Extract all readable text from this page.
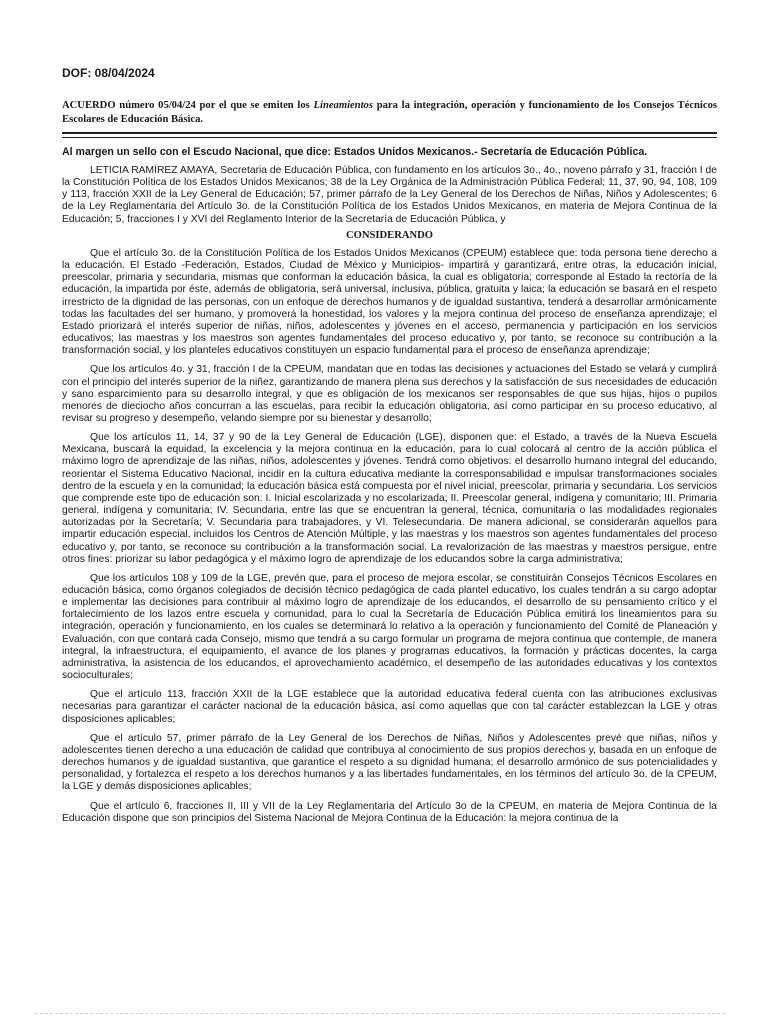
DOF: 08/04/2024
ACUERDO número 05/04/24 por el que se emiten los Lineamientos para la integración, operación y funcionamiento de los Consejos Técnicos Escolares de Educación Básica.
Al margen un sello con el Escudo Nacional, que dice: Estados Unidos Mexicanos.- Secretaría de Educación Pública.

LETICIA RAMÍREZ AMAYA, Secretaria de Educación Pública, con fundamento en los artículos 3o., 4o., noveno párrafo y 31, fracción I de la Constitución Política de los Estados Unidos Mexicanos; 38 de la Ley Orgánica de la Administración Pública Federal; 11, 37, 90, 94, 108, 109 y 113, fracción XXII de la Ley General de Educación; 57, primer párrafo de la Ley General de los Derechos de Niñas, Niños y Adolescentes; 6 de la Ley Reglamentaria del Artículo 3o. de la Constitución Política de los Estados Unidos Mexicanos, en materia de Mejora Continua de la Educación; 5, fracciones I y XVI del Reglamento Interior de la Secretaría de Educación Pública, y

CONSIDERANDO

Que el artículo 3o. de la Constitución Política de los Estados Unidos Mexicanos (CPEUM) establece que: toda persona tiene derecho a la educación. El Estado -Federación, Estados, Ciudad de México y Municipios- impartirá y garantizará, entre otras, la educación inicial, preescolar, primaria y secundaria, mismas que conforman la educación básica, la cual es obligatoria; corresponde al Estado la rectoría de la educación, la impartida por éste, además de obligatoria, será universal, inclusiva, pública, gratuita y laica; la educación se basará en el respeto irrestricto de la dignidad de las personas, con un enfoque de derechos humanos y de igualdad sustantiva, tenderá a desarrollar armónicamente todas las facultades del ser humano, y promoverá la honestidad, los valores y la mejora continua del proceso de enseñanza aprendizaje; el Estado priorizará el interés superior de niñas, niños, adolescentes y jóvenes en el acceso, permanencia y participación en los servicios educativos; las maestras y los maestros son agentes fundamentales del proceso educativo y, por tanto, se reconoce su contribución a la transformación social, y los planteles educativos constituyen un espacio fundamental para el proceso de enseñanza aprendizaje;

Que los artículos 4o. y 31, fracción I de la CPEUM, mandatan que en todas las decisiones y actuaciones del Estado se velará y cumplirá con el principio del interés superior de la niñez, garantizando de manera plena sus derechos y la satisfacción de sus necesidades de educación y sano esparcimiento para su desarrollo integral, y que es obligación de los mexicanos ser responsables de que sus hijas, hijos o pupilos menores de dieciocho años concurran a las escuelas, para recibir la educación obligatoria, así como participar en su proceso educativo, al revisar su progreso y desempeño, velando siempre por su bienestar y desarrollo;

Que los artículos 11, 14, 37 y 90 de la Ley General de Educación (LGE), disponen que: el Estado, a través de la Nueva Escuela Mexicana, buscará la equidad, la excelencia y la mejora continua en la educación, para lo cual colocará al centro de la acción pública el máximo logro de aprendizaje de las niñas, niños, adolescentes y jóvenes. Tendrá como objetivos: el desarrollo humano integral del educando, reorientar el Sistema Educativo Nacional, incidir en la cultura educativa mediante la corresponsabilidad e impulsar transformaciones sociales dentro de la escuela y en la comunidad; la educación básica está compuesta por el nivel inicial, preescolar, primaria y secundaria. Los servicios que comprende este tipo de educación son: I. Inicial escolarizada y no escolarizada; II. Preescolar general, indígena y comunitario; III. Primaria general, indígena y comunitaria; IV. Secundaria, entre las que se encuentran la general, técnica, comunitaria o las modalidades regionales autorizadas por la Secretaría; V. Secundaria para trabajadores, y VI. Telesecundaria. De manera adicional, se considerarán aquellos para impartir educación especial, incluidos los Centros de Atención Múltiple, y las maestras y los maestros son agentes fundamentales del proceso educativo y, por tanto, se reconoce su contribución a la transformación social. La revalorización de las maestras y maestros persigue, entre otros fines: priorizar su labor pedagógica y el máximo logro de aprendizaje de los educandos sobre la carga administrativa;

Que los artículos 108 y 109 de la LGE, prevén que, para el proceso de mejora escolar, se constituirán Consejos Técnicos Escolares en educación básica, como órganos colegiados de decisión técnico pedagógica de cada plantel educativo, los cuales tendrán a su cargo adoptar e implementar las decisiones para contribuir al máximo logro de aprendizaje de los educandos, el desarrollo de su pensamiento crítico y el fortalecimiento de los lazos entre escuela y comunidad, para lo cual la Secretaría de Educación Pública emitirá los lineamientos para su integración, operación y funcionamiento, en los cuales se determinará lo relativo a la operación y funcionamiento del Comité de Planeación y Evaluación, con que contará cada Consejo, mismo que tendrá a su cargo formular un programa de mejora continua que contemple, de manera integral, la infraestructura, el equipamiento, el avance de los planes y programas educativos, la formación y prácticas docentes, la carga administrativa, la asistencia de los educandos, el aprovechamiento académico, el desempeño de las autoridades educativas y los contextos socioculturales;

Que el artículo 113, fracción XXII de la LGE establece que la autoridad educativa federal cuenta con las atribuciones exclusivas necesarias para garantizar el carácter nacional de la educación básica, así como aquellas que con tal carácter establezcan la LGE y otras disposiciones aplicables;

Que el artículo 57, primer párrafo de la Ley General de los Derechos de Niñas, Niños y Adolescentes prevé que niñas, niños y adolescentes tienen derecho a una educación de calidad que contribuya al conocimiento de sus propios derechos y, basada en un enfoque de derechos humanos y de igualdad sustantiva, que garantice el respeto a su dignidad humana; el desarrollo armónico de sus potencialidades y personalidad, y fortalezca el respeto a los derechos humanos y a las libertades fundamentales, en los términos del artículo 3o. de la CPEUM, la LGE y demás disposiciones aplicables;

Que el artículo 6, fracciones II, III y VII de la Ley Reglamentaria del Artículo 3o de la CPEUM, en materia de Mejora Continua de la Educación dispone que son principios del Sistema Nacional de Mejora Continua de la Educación: la mejora continua de la
